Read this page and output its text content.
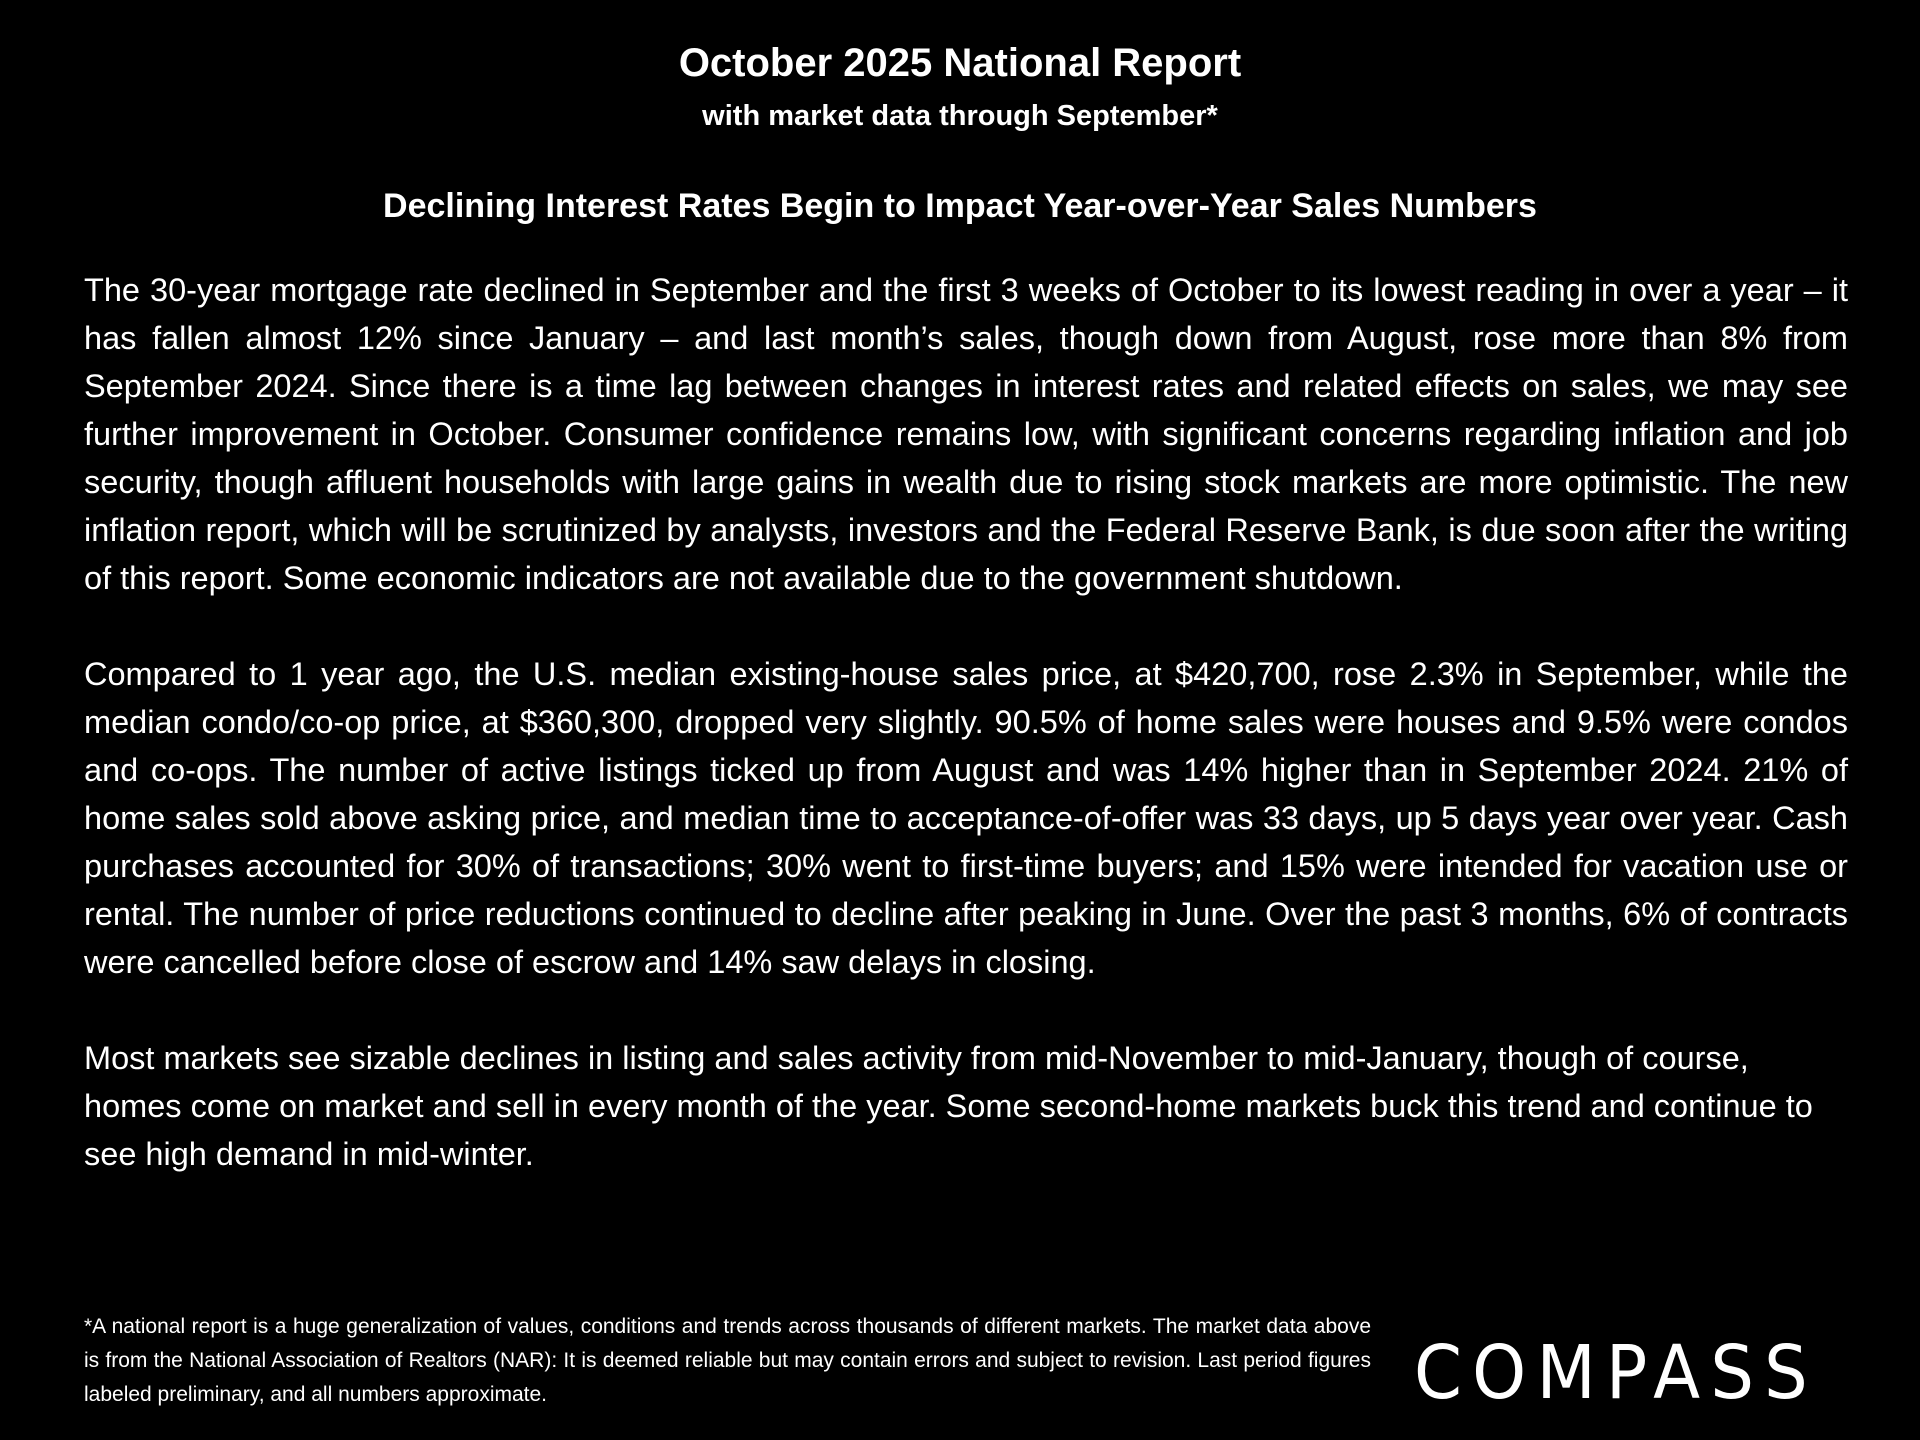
October 2025 National Report
with market data through September*
Declining Interest Rates Begin to Impact Year-over-Year Sales Numbers

The 30-year mortgage rate declined in September and the first 3 weeks of October to its lowest reading in over a year – it has fallen almost 12% since January – and last month’s sales, though down from August, rose more than 8% from September 2024. Since there is a time lag between changes in interest rates and related effects on sales, we may see further improvement in October. Consumer confidence remains low, with significant concerns regarding inflation and job security, though affluent households with large gains in wealth due to rising stock markets are more optimistic. The new inflation report, which will be scrutinized by analysts, investors and the Federal Reserve Bank, is due soon after the writing of this report. Some economic indicators are not available due to the government shutdown.

Compared to 1 year ago, the U.S. median existing-house sales price, at $420,700, rose 2.3% in September, while the median condo/co-op price, at $360,300, dropped very slightly. 90.5% of home sales were houses and 9.5% were condos and co-ops. The number of active listings ticked up from August and was 14% higher than in September 2024. 21% of home sales sold above asking price, and median time to acceptance-of-offer was 33 days, up 5 days year over year. Cash purchases accounted for 30% of transactions; 30% went to first-time buyers; and 15% were intended for vacation use or rental. The number of price reductions continued to decline after peaking in June. Over the past 3 months, 6% of contracts were cancelled before close of escrow and 14% saw delays in closing.

Most markets see sizable declines in listing and sales activity from mid-November to mid-January, though of course, homes come on market and sell in every month of the year. Some second-home markets buck this trend and continue to see high demand in mid-winter.

*A national report is a huge generalization of values, conditions and trends across thousands of different markets. The market data above is from the National Association of Realtors (NAR): It is deemed reliable but may contain errors and subject to revision. Last period figures labeled preliminary, and all numbers approximate.	COMPASS
